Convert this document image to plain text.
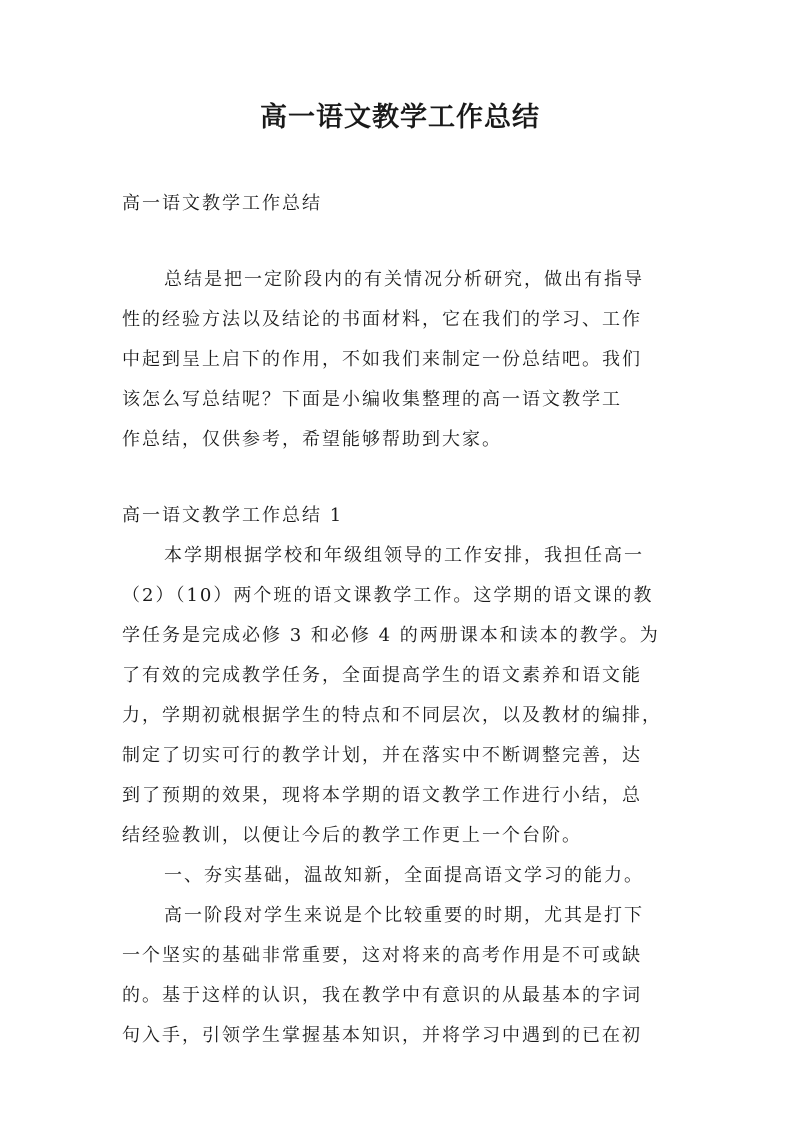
高一语文教学工作总结
高一语文教学工作总结
总结是把一定阶段内的有关情况分析研究，做出有指导
性的经验方法以及结论的书面材料，它在我们的学习、工作
中起到呈上启下的作用，不如我们来制定一份总结吧。我们
该怎么写总结呢？下面是小编收集整理的高一语文教学工
作总结，仅供参考，希望能够帮助到大家。
高一语文教学工作总结 1
本学期根据学校和年级组领导的工作安排，我担任高一
（2）（10）两个班的语文课教学工作。这学期的语文课的教
学任务是完成必修 3 和必修 4 的两册课本和读本的教学。为
了有效的完成教学任务，全面提高学生的语文素养和语文能
力，学期初就根据学生的特点和不同层次，以及教材的编排，
制定了切实可行的教学计划，并在落实中不断调整完善，达
到了预期的效果，现将本学期的语文教学工作进行小结，总
结经验教训，以便让今后的教学工作更上一个台阶。
一、夯实基础，温故知新，全面提高语文学习的能力。
高一阶段对学生来说是个比较重要的时期，尤其是打下
一个坚实的基础非常重要，这对将来的高考作用是不可或缺
的。基于这样的认识，我在教学中有意识的从最基本的字词
句入手，引领学生掌握基本知识，并将学习中遇到的已在初
